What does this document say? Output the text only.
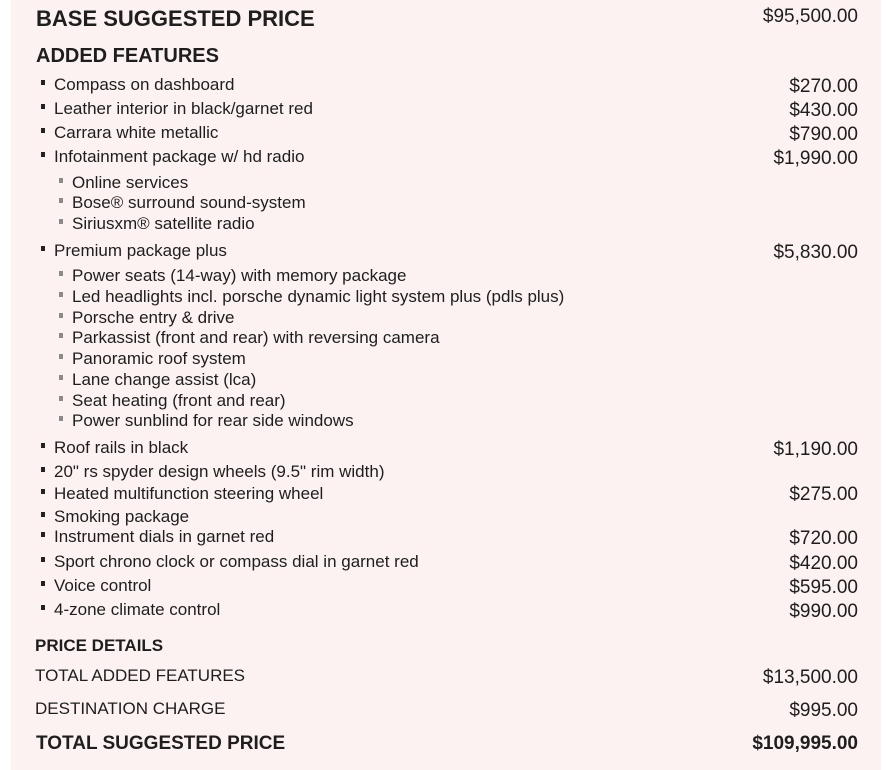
BASE SUGGESTED PRICE	$95,500.00
ADDED FEATURES
Compass on dashboard	$270.00
Leather interior in black/garnet red	$430.00
Carrara white metallic	$790.00
Infotainment package w/ hd radio	$1,990.00
Online services
Bose® surround sound-system
Siriusxm® satellite radio
Premium package plus	$5,830.00
Power seats (14-way) with memory package
Led headlights incl. porsche dynamic light system plus (pdls plus)
Porsche entry & drive
Parkassist (front and rear) with reversing camera
Panoramic roof system
Lane change assist (lca)
Seat heating (front and rear)
Power sunblind for rear side windows
Roof rails in black	$1,190.00
20" rs spyder design wheels (9.5" rim width)
Heated multifunction steering wheel	$275.00
Smoking package
Instrument dials in garnet red	$720.00
Sport chrono clock or compass dial in garnet red	$420.00
Voice control	$595.00
4-zone climate control	$990.00
PRICE DETAILS
TOTAL ADDED FEATURES	$13,500.00
DESTINATION CHARGE	$995.00
TOTAL SUGGESTED PRICE	$109,995.00
